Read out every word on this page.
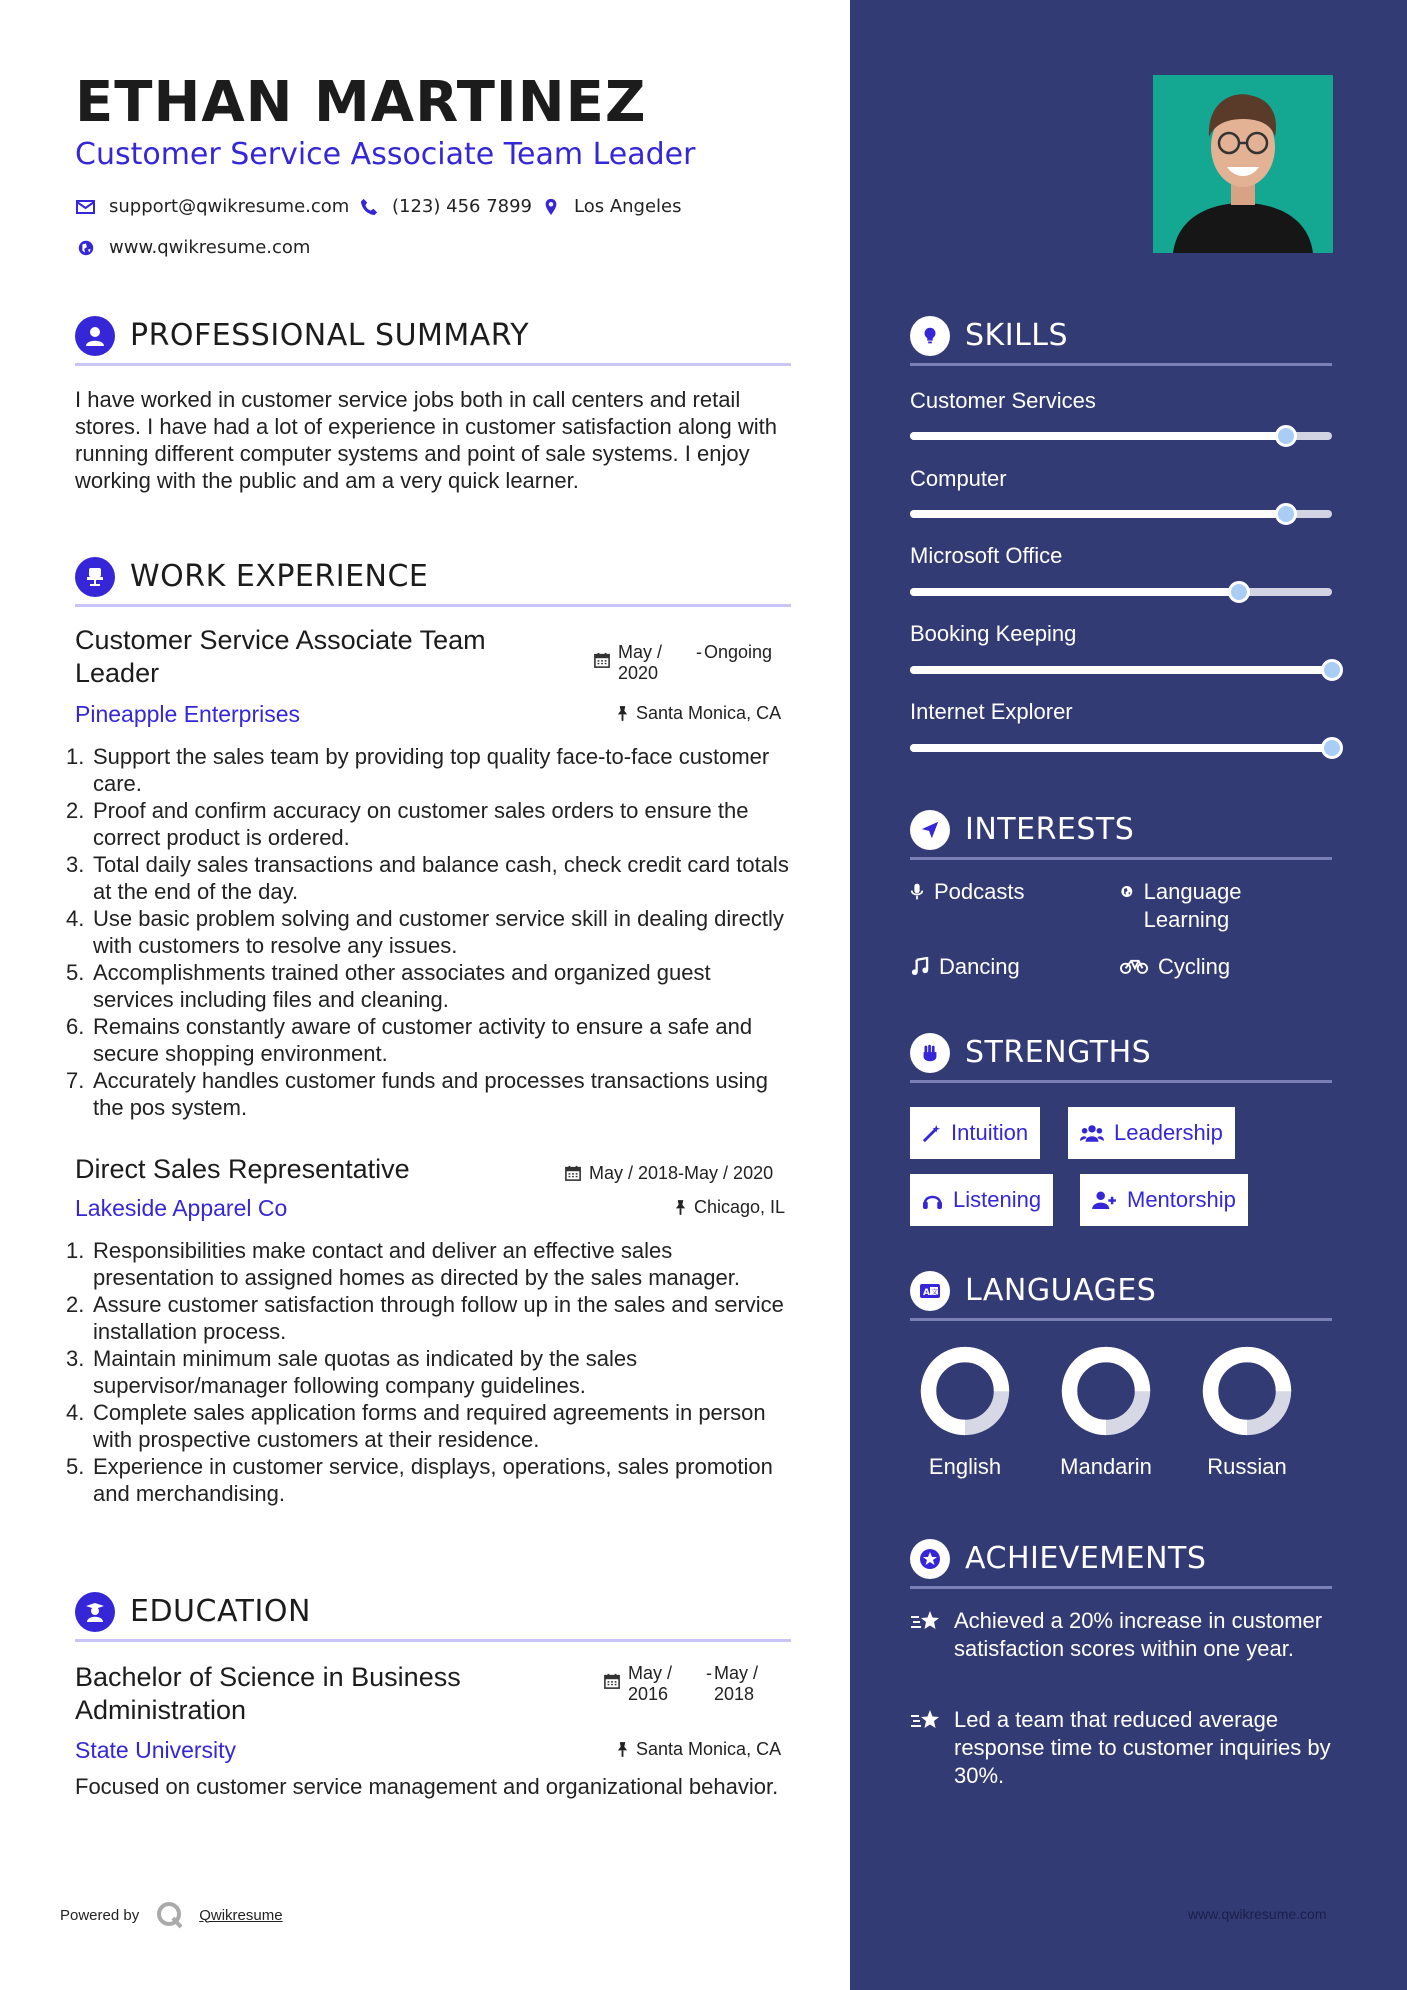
ETHAN MARTINEZ
Customer Service Associate Team Leader
support@qwikresume.com (123) 456 7899 Los Angeles
www.qwikresume.com
PROFESSIONAL SUMMARY
I have worked in customer service jobs both in call centers and retail stores. I have had a lot of experience in customer satisfaction along with running different computer systems and point of sale systems. I enjoy working with the public and am a very quick learner.
WORK EXPERIENCE
Customer Service Associate Team Leader
May / 2020
- Ongoing
Pineapple Enterprises	Santa Monica, CA
1. Support the sales team by providing top quality face-to-face customer care.
2. Proof and confirm accuracy on customer sales orders to ensure the correct product is ordered.
3. Total daily sales transactions and balance cash, check credit card totals at the end of the day.
4. Use basic problem solving and customer service skill in dealing directly with customers to resolve any issues.
5. Accomplishments trained other associates and organized guest services including files and cleaning.
6. Remains constantly aware of customer activity to ensure a safe and secure shopping environment.
7. Accurately handles customer funds and processes transactions using the pos system.
Direct Sales Representative	May / 2018-May / 2020
Lakeside Apparel Co	Chicago, IL
1. Responsibilities make contact and deliver an effective sales presentation to assigned homes as directed by the sales manager.
2. Assure customer satisfaction through follow up in the sales and service installation process.
3. Maintain minimum sale quotas as indicated by the sales supervisor/manager following company guidelines.
4. Complete sales application forms and required agreements in person with prospective customers at their residence.
5. Experience in customer service, displays, operations, sales promotion and merchandising.
EDUCATION
Bachelor of Science in Business Administration
May / 2016
- May / 2018
State University	Santa Monica, CA
Focused on customer service management and organizational behavior.
Powered by	Qwikresume
SKILLS
Customer Services
Computer
Microsoft Office
Booking Keeping
Internet Explorer
INTERESTS
Podcasts	Language Learning
Dancing	Cycling
STRENGTHS
Intuition	Leadership
Listening	Mentorship
A 文 LANGUAGES
English	Mandarin	Russian
ACHIEVEMENTS
Achieved a 20% increase in customer satisfaction scores within one year.
Led a team that reduced average response time to customer inquiries by 30%.
www.qwikresume.com
